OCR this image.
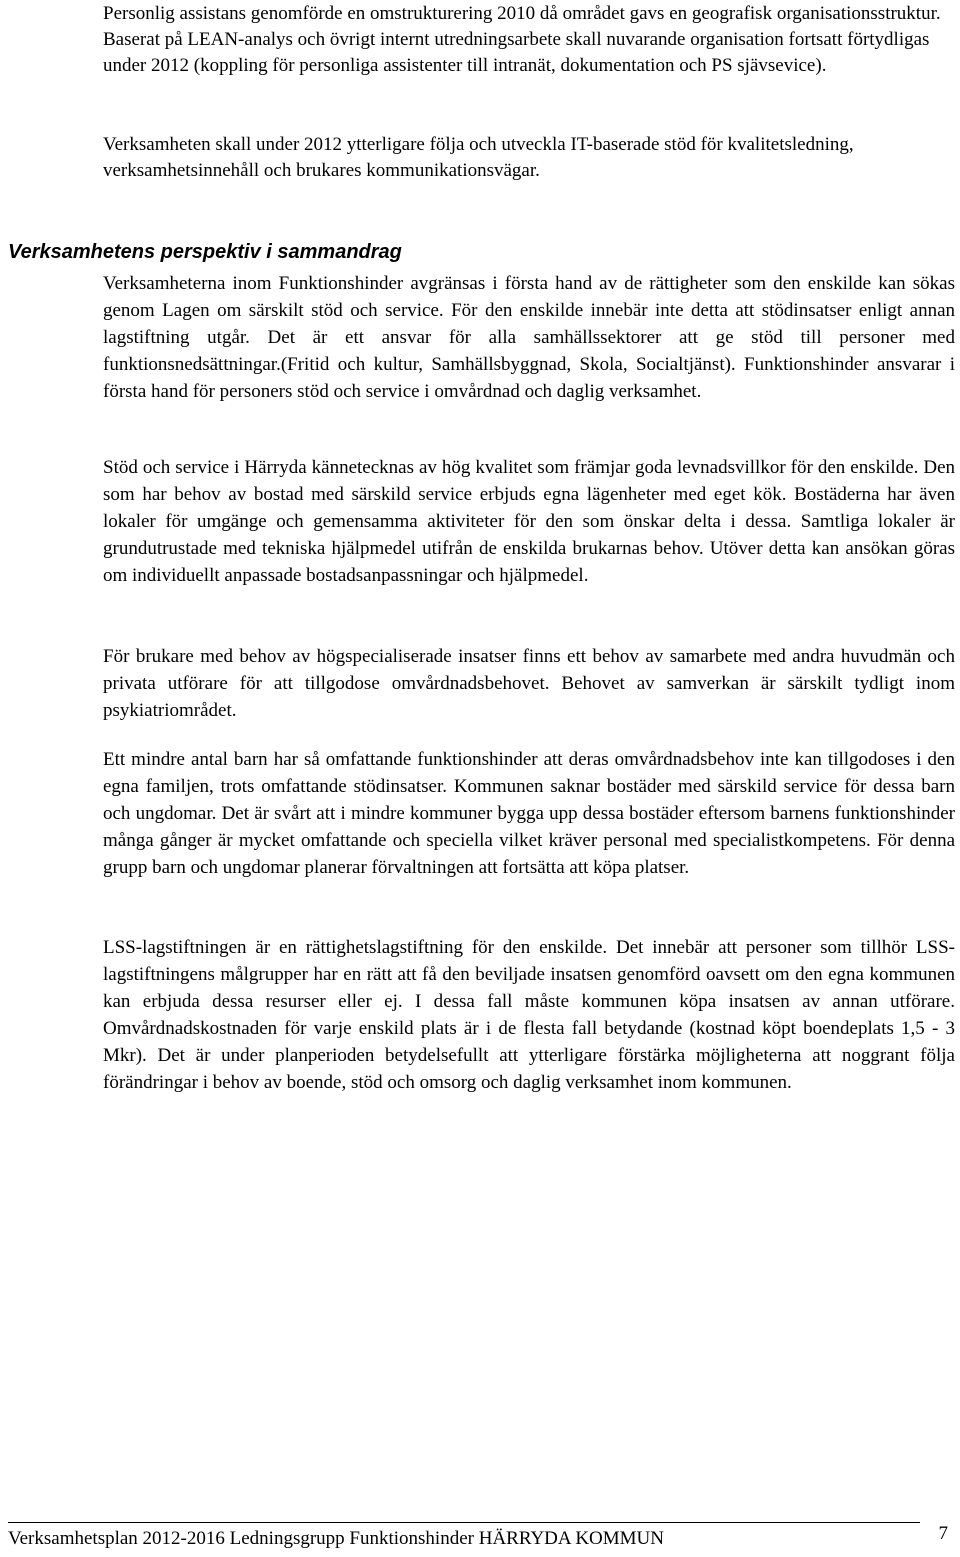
Personlig assistans genomförde en omstrukturering 2010 då området gavs en geografisk organisationsstruktur. Baserat på LEAN-analys och övrigt internt utredningsarbete skall nuvarande organisation fortsatt förtydligas under 2012 (koppling för personliga assistenter till intranät, dokumentation och PS sjävsevice).

Verksamheten skall under 2012 ytterligare följa och utveckla IT-baserade stöd för kvalitetsledning, verksamhetsinnehåll och brukares kommunikationsvägar.

Verksamhetens perspektiv i sammandrag

Verksamheterna inom Funktionshinder avgränsas i första hand av de rättigheter som den enskilde kan sökas genom Lagen om särskilt stöd och service. För den enskilde innebär inte detta att stödinsatser enligt annan lagstiftning utgår. Det är ett ansvar för alla samhällssektorer att ge stöd till personer med funktionsnedsättningar.(Fritid och kultur, Samhällsbyggnad, Skola, Socialtjänst). Funktionshinder ansvarar i första hand för personers stöd och service i omvårdnad och daglig verksamhet.

Stöd och service i Härryda kännetecknas av hög kvalitet som främjar goda levnadsvillkor för den enskilde. Den som har behov av bostad med särskild service erbjuds egna lägenheter med eget kök. Bostäderna har även lokaler för umgänge och gemensamma aktiviteter för den som önskar delta i dessa. Samtliga lokaler är grundutrustade med tekniska hjälpmedel utifrån de enskilda brukarnas behov. Utöver detta kan ansökan göras om individuellt anpassade bostadsanpassningar och hjälpmedel.

För brukare med behov av högspecialiserade insatser finns ett behov av samarbete med andra huvudmän och privata utförare för att tillgodose omvårdnadsbehovet. Behovet av samverkan är särskilt tydligt inom psykiatriområdet.

Ett mindre antal barn har så omfattande funktionshinder att deras omvårdnadsbehov inte kan tillgodoses i den egna familjen, trots omfattande stödinsatser. Kommunen saknar bostäder med särskild service för dessa barn och ungdomar. Det är svårt att i mindre kommuner bygga upp dessa bostäder eftersom barnens funktionshinder många gånger är mycket omfattande och speciella vilket kräver personal med specialistkompetens. För denna grupp barn och ungdomar planerar förvaltningen att fortsätta att köpa platser.

LSS-lagstiftningen är en rättighetslagstiftning för den enskilde. Det innebär att personer som tillhör LSS-lagstiftningens målgrupper har en rätt att få den beviljade insatsen genomförd oavsett om den egna kommunen kan erbjuda dessa resurser eller ej. I dessa fall måste kommunen köpa insatsen av annan utförare. Omvårdnadskostnaden för varje enskild plats är i de flesta fall betydande (kostnad köpt boendeplats 1,5 - 3 Mkr). Det är under planperioden betydelsefullt att ytterligare förstärka möjligheterna att noggrant följa förändringar i behov av boende, stöd och omsorg och daglig verksamhet inom kommunen.

Verksamhetsplan 2012-2016 Ledningsgrupp Funktionshinder HÄRRYDA KOMMUN	7
